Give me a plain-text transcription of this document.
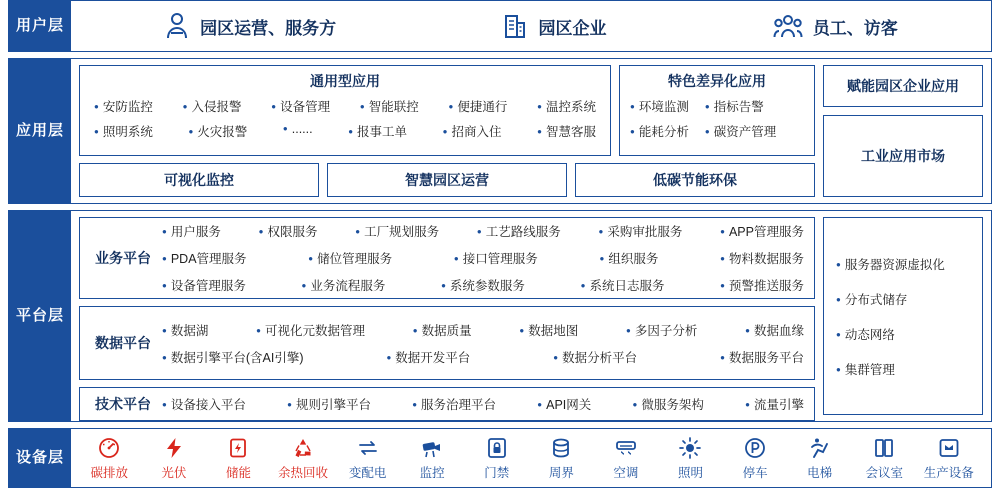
用户层	园区运营、服务方	园区企业	员工、访客
应用层
通用型应用
● 安防监控	● 入侵报警	● 设备管理	● 智能联控	● 便捷通行	● 温控系统
● 照明系统	● 火灾报警	● ......	● 报事工单	● 招商入住	● 智慧客服
特色差异化应用
● 环境监测	● 指标告警
● 能耗分析	● 碳资产管理
可视化监控	智慧园区运营	低碳节能环保
赋能园区企业应用
工业应用市场
平台层
业务平台
● 用户服务	● 权限服务	● 工厂规划服务	● 工艺路线服务	● 采购审批服务	● APP管理服务
● PDA管理服务	● 储位管理服务	● 接口管理服务	● 组织服务	● 物料数据服务
● 设备管理服务	● 业务流程服务	● 系统参数服务	● 系统日志服务	● 预警推送服务
数据平台
● 数据湖	● 可视化元数据管理	● 数据质量	● 数据地图	● 多因子分析	● 数据血缘
● 数据引擎平台(含AI引擎)	● 数据开发平台	● 数据分析平台	● 数据服务平台
技术平台	● 设备接入平台	● 规则引擎平台	● 服务治理平台	● API网关	● 微服务架构	● 流量引擎
● 服务器资源虚拟化
● 分布式储存
● 动态网络
● 集群管理
设备层
碳排放	光伏	储能 余热回收 变配电	监控	门禁	周界	空调	照明	停车	电梯	会议室 生产设备
